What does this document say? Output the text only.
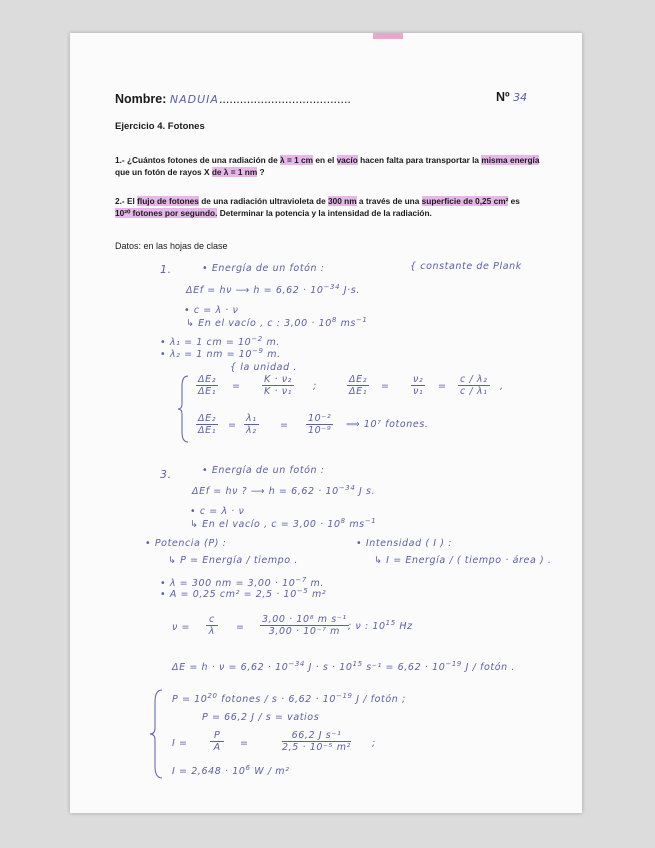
Nombre: NADUIA......................................	Nº 34
Ejercicio 4. Fotones
1.- ¿Cuántos fotones de una radiación de λ = 1 cm en el vacío hacen falta para transportar la misma energía
que un fotón de rayos X de λ = 1 nm ?
2.- El flujo de fotones de una radiación ultravioleta de 300 nm a través de una superficie de 0,25 cm² es
10²⁰ fotones por segundo. Determinar la potencia y la intensidad de la radiación.
Datos: en las hojas de clase
1.	• Energía de un fotón :	{ constante de Plank
ΔEf = hν ⟶ $h = 6,62 \cdot 10^{-34}$ J·s.
• c = λ · ν
↳ En el vacío , c : $3,00 \cdot 10^8$ $ms^{-1}$
• λ₁ = 1 cm = $10^{-2}$ m.
• λ₂ = 1 nm = $10^{-9}$ m.
{ la unidad .
ΔE₂
ΔE₁ =
K · ν₂
K · ν₁ ;
ΔE₂
ΔE₁ =
ν₂
ν₁ =
c / λ₂
c / λ₁ ,
ΔE₂
ΔE₁ =
λ₁
λ₂ =
10⁻²
10⁻⁹
⟹ 10⁷ fotones.
3.	• Energía de un fotón :
ΔEf = hν ? ⟶ $h = 6,62 \cdot 10^{-34}$ J s.
• c = λ · ν
↳ En el vacío , $c = 3,00 \cdot 10^8$ $ms^{-1}$
• Potencia (P) :	• Intensidad ( I ) :
↳ P = Energía / tiempo .	↳ I = Energía / ( tiempo · área ) .
• λ = 300 nm = $3,00 \cdot 10^{-7}$ m.
• A = 0,25 $cm^2 = 2,5 \cdot 10^{-5}$ m²
ν =
c
λ =
3,00 · 10⁸ m s⁻¹
3,00 · 10⁻⁷ m ; ν : $10^{15}$ Hz
$\Delta E = h \cdot \nu = 6,62 \cdot 10^{-34}$ $J \cdot s \cdot 10^{15}$ $s^{-1} = 6,62 \cdot 10^{-19}$ J / fotón .
$P = 10^{20}$ fotones / $s \cdot 6,62 \cdot 10^{-19}$ J / fotón ;
P = 66,2 J / s = vatios
I =
P
A	=
66,2 J s⁻¹
2,5 · 10⁻⁵ m² ;
$I = 2,648 \cdot 10^6$ W / m²
